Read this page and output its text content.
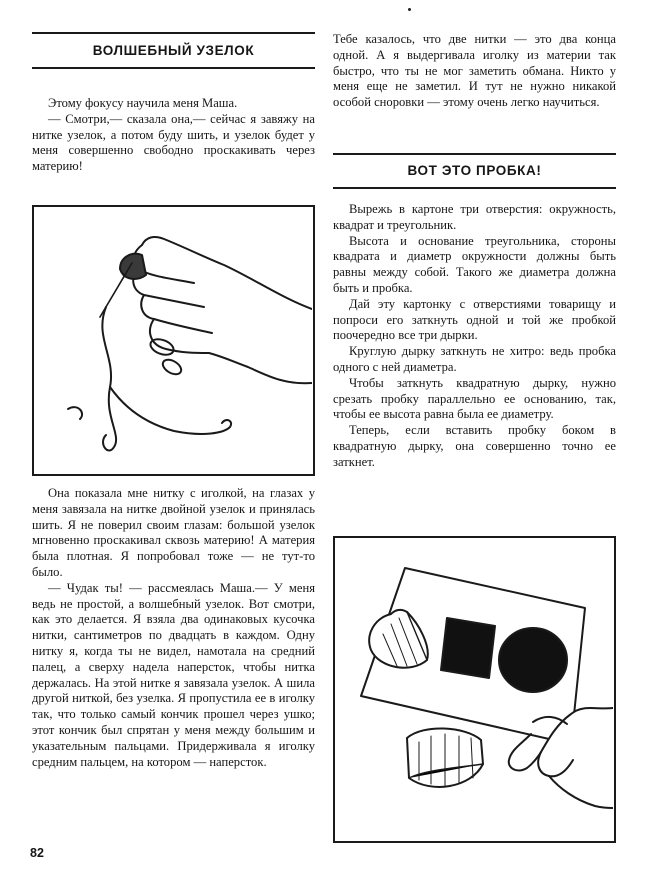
ВОЛШЕБНЫЙ УЗЕЛОК

Этому фокусу научила меня Маша.

— Смотри,— сказала она,— сейчас я завяжу на нитке узелок, а потом буду шить, и узелок будет у меня совершенно свободно проскакивать через материю!

Она показала мне нитку с иголкой, на глазах у меня завязала на нитке двойной узелок и принялась шить. Я не поверил своим глазам: большой узелок мгновенно проскакивал сквозь материю! А материя была плотная. Я попробовал тоже — не тут-то было.

— Чудак ты! — рассмеялась Маша.— У меня ведь не простой, а волшебный узелок. Вот смотри, как это делается. Я взяла два одинаковых кусочка нитки, сантиметров по двадцать в каждом. Одну нитку я, когда ты не видел, намотала на средний палец, а сверху надела наперсток, чтобы нитка держалась. На этой нитке я завязала узелок. А шила другой ниткой, без узелка. Я пропустила ее в иголку так, что только самый кончик прошел через ушко; этот кончик был спрятан у меня между большим и указательным пальцами. Придерживала я иголку средним пальцем, на котором — наперсток.

82

Тебе казалось, что две нитки — это два конца одной. А я выдергивала иголку из материи так быстро, что ты не мог заметить обмана. Никто у меня еще не заметил. И тут не нужно никакой особой сноровки — этому очень легко научиться.

ВОТ ЭТО ПРОБКА!

Вырежь в картоне три отверстия: окружность, квадрат и треугольник.

Высота и основание треугольника, стороны квадрата и диаметр окружности должны быть равны между собой. Такого же диаметра должна быть и пробка.

Дай эту картонку с отверстиями товарищу и попроси его заткнуть одной и той же пробкой поочередно все три дырки.

Круглую дырку заткнуть не хитро: ведь пробка одного с ней диаметра.

Чтобы заткнуть квадратную дырку, нужно срезать пробку параллельно ее основанию, так, чтобы ее высота равна была ее диаметру.

Теперь, если вставить пробку боком в квадратную дырку, она совершенно точно ее заткнет.
